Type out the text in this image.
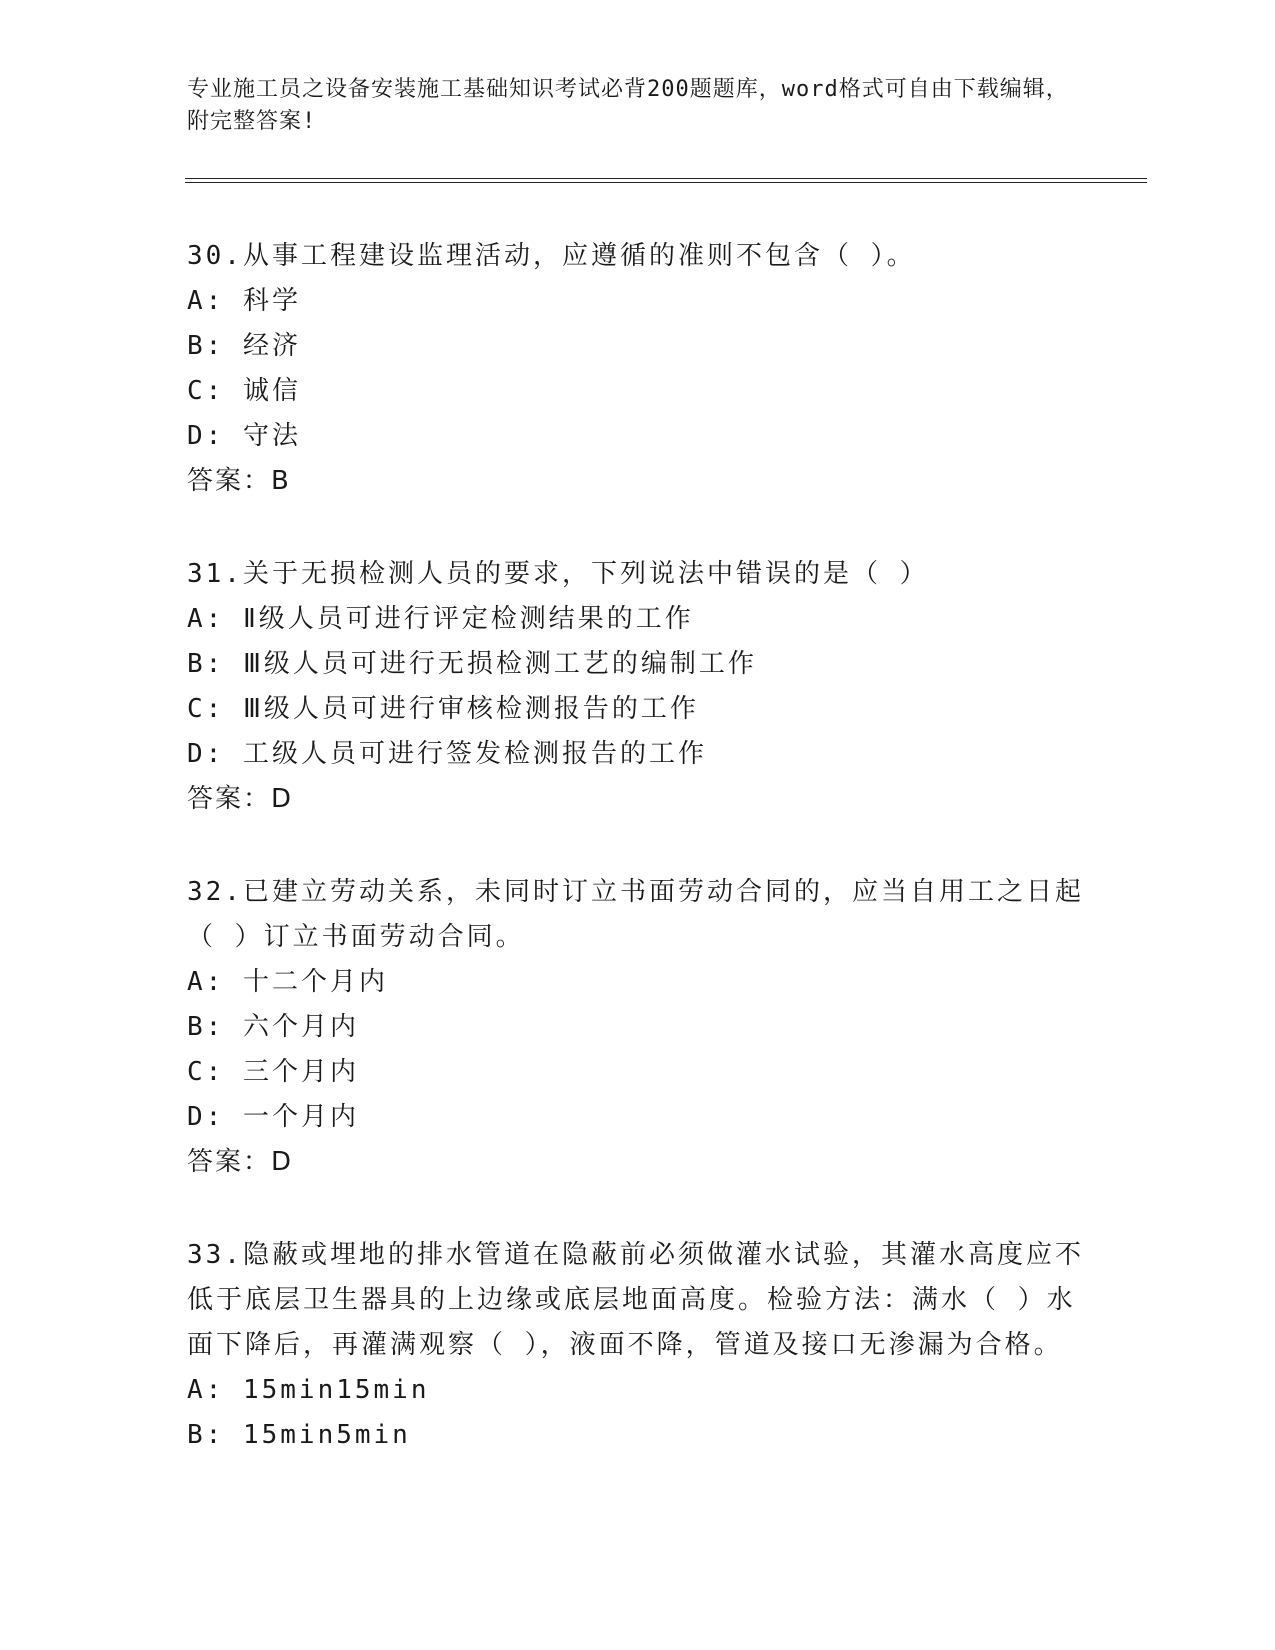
专业施工员之设备安装施工基础知识考试必背200题题库，word格式可自由下载编辑，附完整答案!
30.从事工程建设监理活动，应遵循的准则不包含（ ）。
A: 科学
B: 经济
C: 诚信
D: 守法
答案：B
31.关于无损检测人员的要求，下列说法中错误的是（ ）
A: Ⅱ级人员可进行评定检测结果的工作
B: Ⅲ级人员可进行无损检测工艺的编制工作
C: Ⅲ级人员可进行审核检测报告的工作
D: 工级人员可进行签发检测报告的工作
答案：D
32.已建立劳动关系，未同时订立书面劳动合同的，应当自用工之日起（ ）订立书面劳动合同。
A: 十二个月内
B: 六个月内
C: 三个月内
D: 一个月内
答案：D
33.隐蔽或埋地的排水管道在隐蔽前必须做灌水试验，其灌水高度应不低于底层卫生器具的上边缘或底层地面高度。检验方法：满水（ ）水面下降后，再灌满观察（ ），液面不降，管道及接口无渗漏为合格。
A: 15min15min
B: 15min5min
